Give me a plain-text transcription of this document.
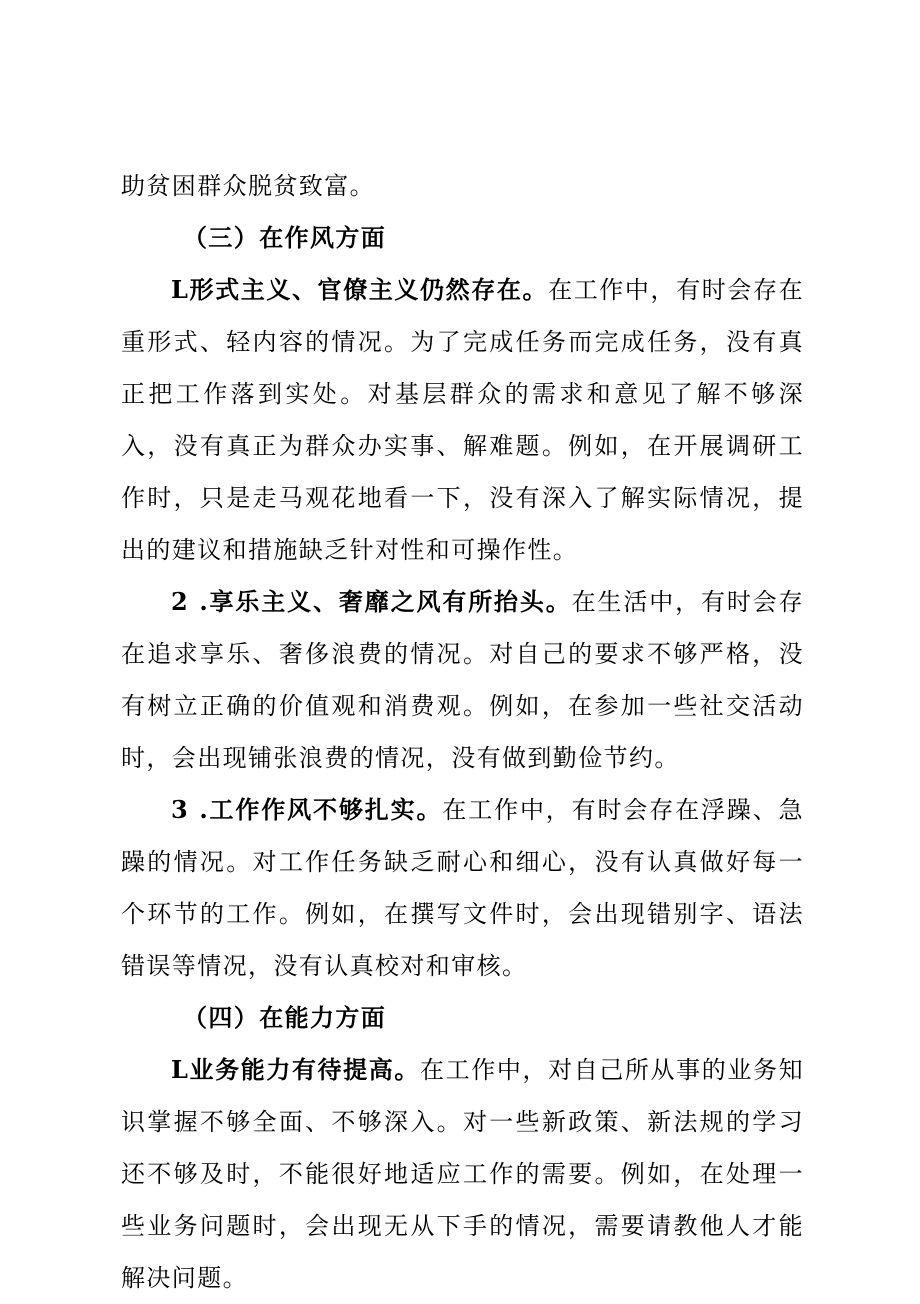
助贫困群众脱贫致富。

（三）在作风方面

L形式主义、官僚主义仍然存在。在工作中，有时会存在重形式、轻内容的情况。为了完成任务而完成任务，没有真正把工作落到实处。对基层群众的需求和意见了解不够深入，没有真正为群众办实事、解难题。例如，在开展调研工作时，只是走马观花地看一下，没有深入了解实际情况，提出的建议和措施缺乏针对性和可操作性。

2 .享乐主义、奢靡之风有所抬头。在生活中，有时会存在追求享乐、奢侈浪费的情况。对自己的要求不够严格，没有树立正确的价值观和消费观。例如，在参加一些社交活动时，会出现铺张浪费的情况，没有做到勤俭节约。

3 .工作作风不够扎实。在工作中，有时会存在浮躁、急躁的情况。对工作任务缺乏耐心和细心，没有认真做好每一个环节的工作。例如，在撰写文件时，会出现错别字、语法错误等情况，没有认真校对和审核。

（四）在能力方面

L业务能力有待提高。在工作中，对自己所从事的业务知识掌握不够全面、不够深入。对一些新政策、新法规的学习还不够及时，不能很好地适应工作的需要。例如，在处理一些业务问题时，会出现无从下手的情况，需要请教他人才能解决问题。
